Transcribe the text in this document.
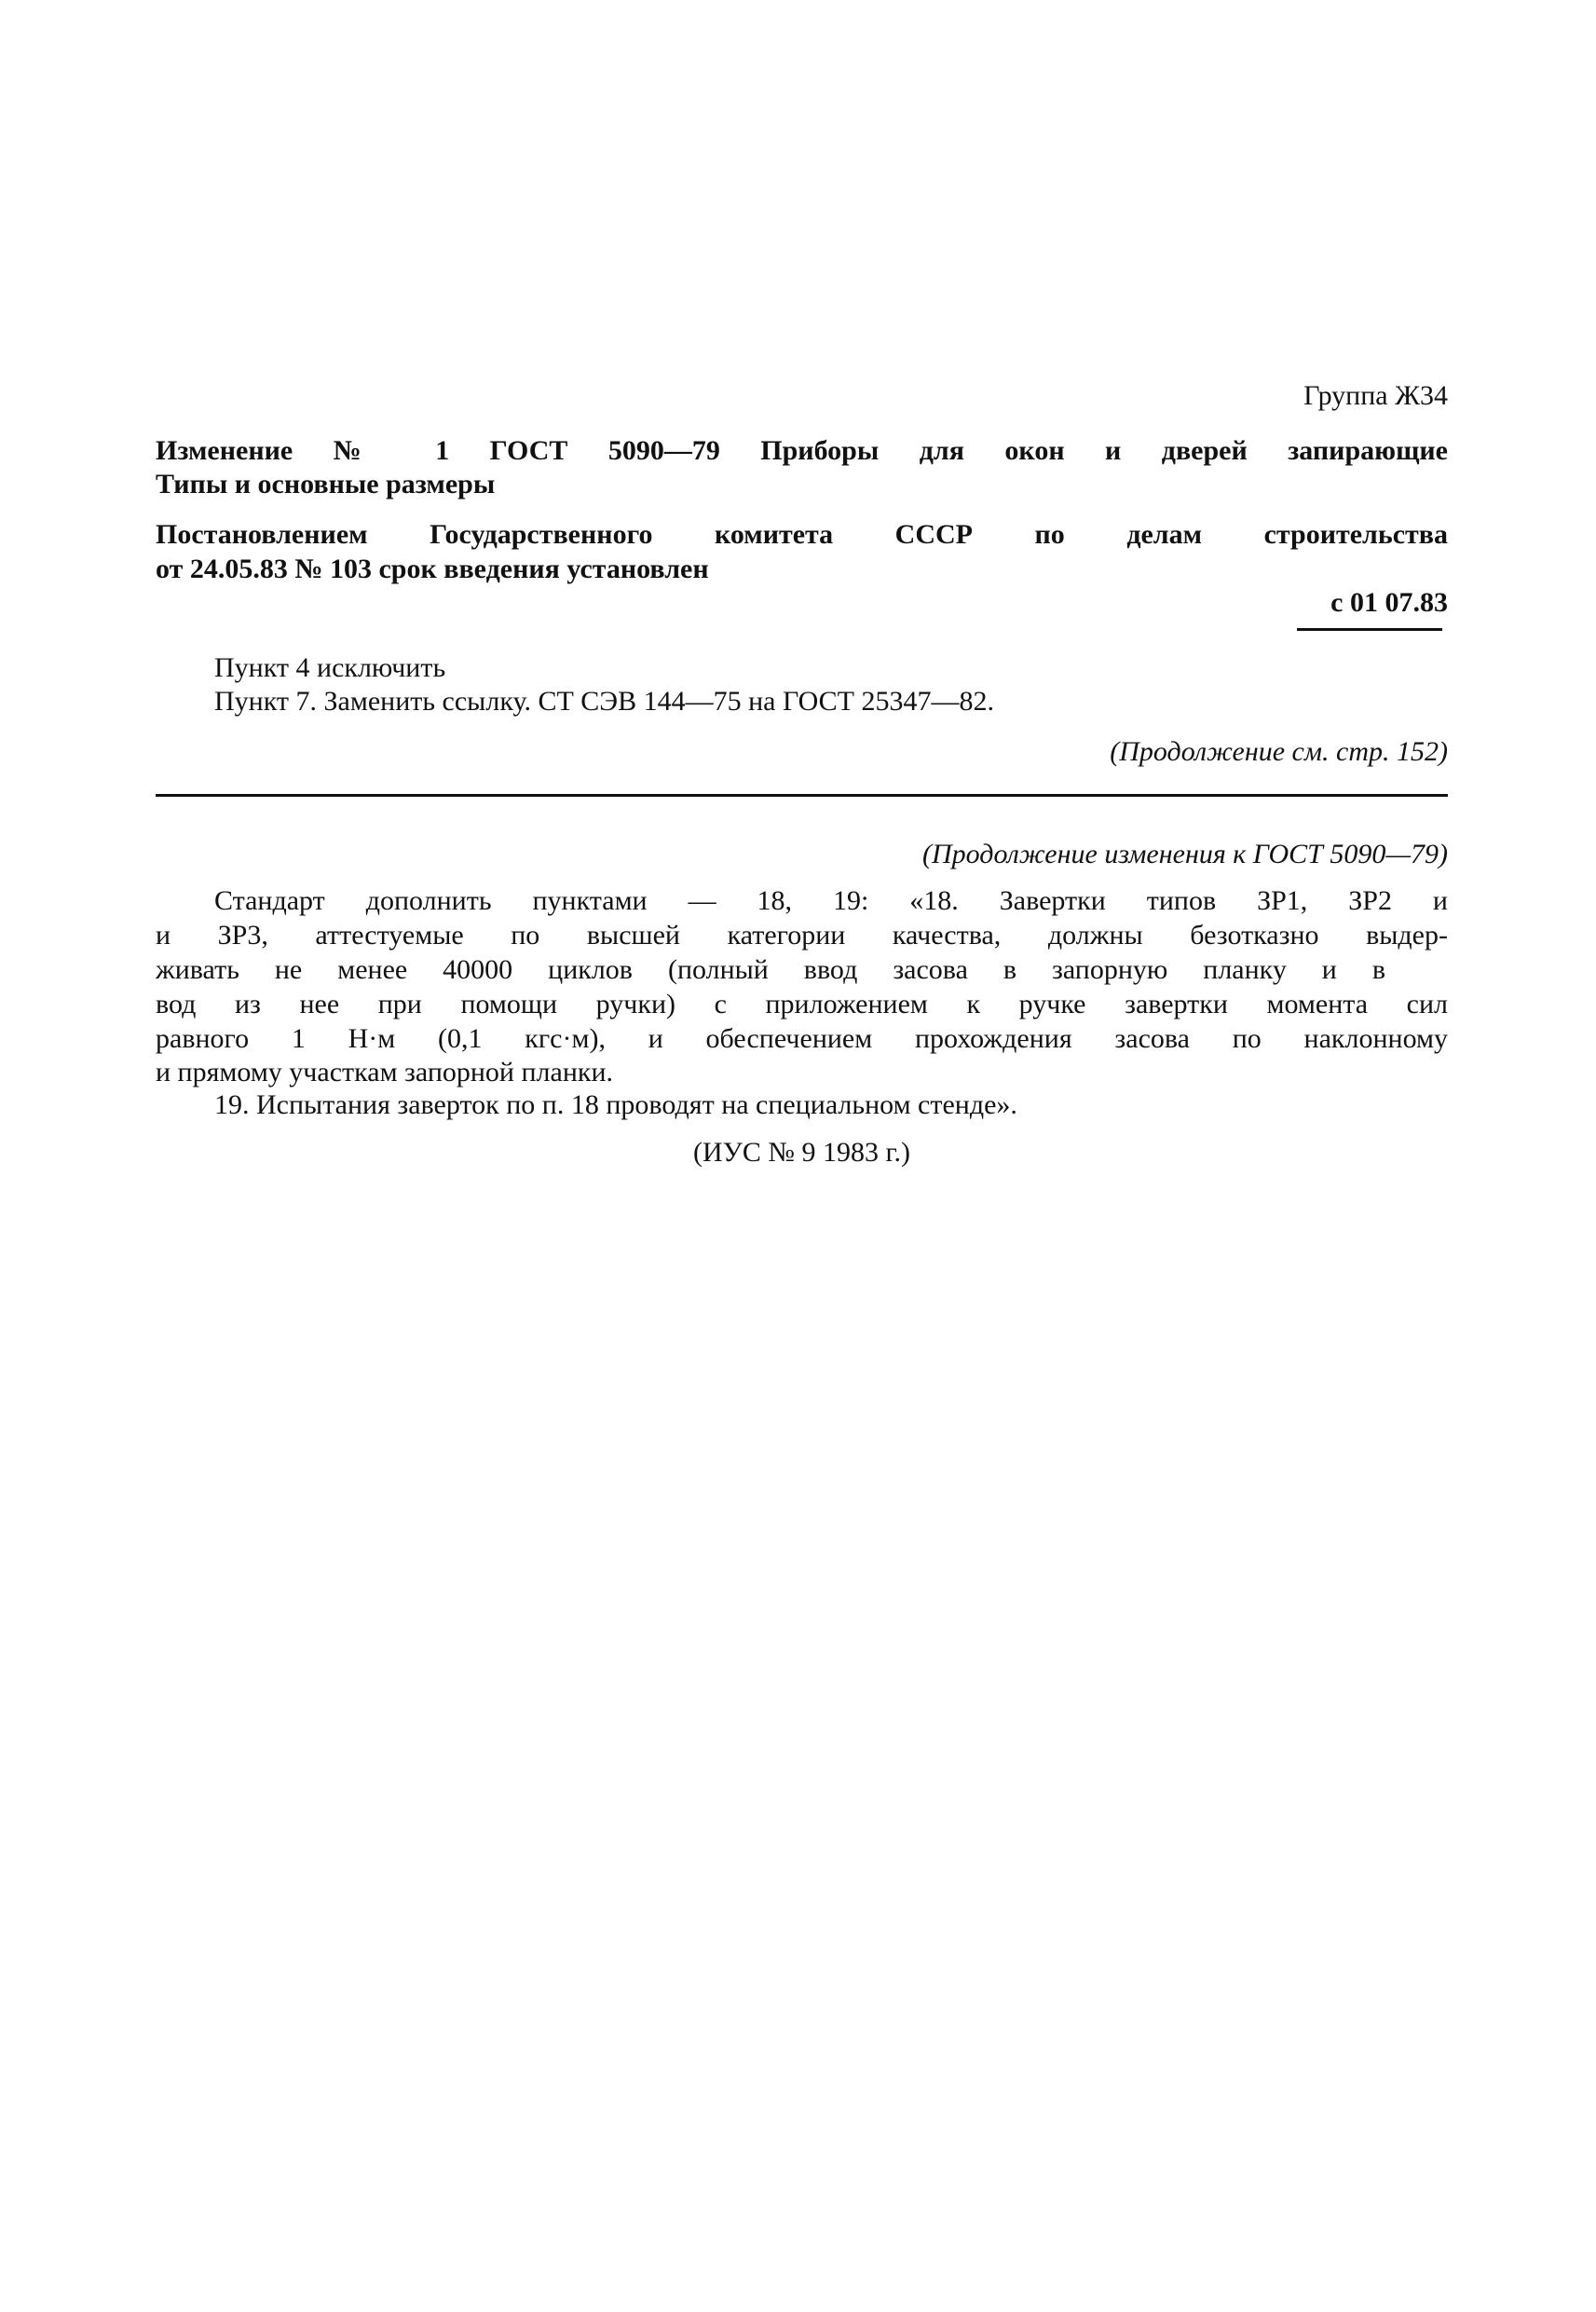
Группа Ж34
Изменение № 1 ГОСТ 5090—79 Приборы для окон и дверей запирающие
Типы и основные размеры
Постановлением Государственного комитета СССР по делам строительства
от 24.05.83 № 103 срок введения установлен
с 01 07.83
Пункт 4 исключить
Пункт 7. Заменить ссылку. СТ СЭВ 144—75 на ГОСТ 25347—82.
(Продолжение см. стр. 152)
(Продолжение изменения к ГОСТ 5090—79)
Стандарт дополнить пунктами — 18, 19: «18. Завертки типов ЗР1, ЗР2 и
и ЗР3, аттестуемые по высшей категории качества, должны безотказно выдер-
живать не менее 40000 циклов (полный ввод засова в запорную планку и в
вод из нее при помощи ручки) с приложением к ручке завертки момента сил
равного 1 Н·м (0,1 кгс·м), и обеспечением прохождения засова по наклонному
и прямому участкам запорной планки.
19. Испытания заверток по п. 18 проводят на специальном стенде».
(ИУС № 9 1983 г.)
